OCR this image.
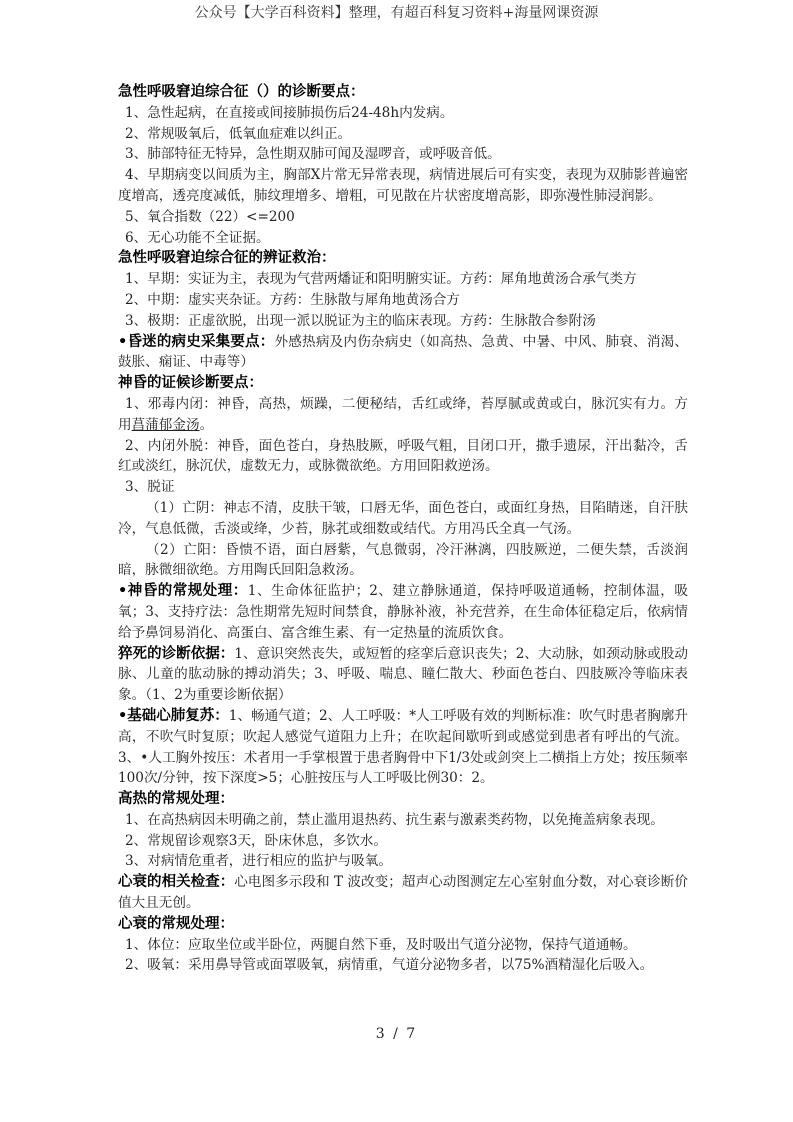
公众号【大学百科资料】整理，有超百科复习资料+海量网课资源

急性呼吸窘迫综合征（）的诊断要点：

1、急性起病，在直接或间接肺损伤后24-48h内发病。

2、常规吸氧后，低氧血症难以纠正。

3、肺部特征无特异，急性期双肺可闻及湿啰音，或呼吸音低。

4、早期病变以间质为主，胸部X片常无异常表现，病情进展后可有实变，表现为双肺影普遍密度增高，透亮度减低，肺纹理增多、增粗，可见散在片状密度增高影，即弥漫性肺浸润影。

5、氧合指数（22）<=200

6、无心功能不全证据。

急性呼吸窘迫综合征的辨证救治：

1、早期：实证为主，表现为气营两燔证和阳明腑实证。方药：犀角地黄汤合承气类方

2、中期：虚实夹杂证。方药：生脉散与犀角地黄汤合方

3、极期：正虚欲脱，出现一派以脱证为主的临床表现。方药：生脉散合参附汤

•昏迷的病史采集要点：外感热病及内伤杂病史（如高热、急黄、中暑、中风、肺衰、消渴、鼓胀、痫证、中毒等）

神昏的证候诊断要点：

1、邪毒内闭：神昏，高热，烦躁，二便秘结，舌红或绛，苔厚腻或黄或白，脉沉实有力。方用菖蒲郁金汤。

2、内闭外脱：神昏，面色苍白，身热肢厥，呼吸气粗，目闭口开，撒手遗尿，汗出黏冷，舌红或淡红，脉沉伏，虚数无力，或脉微欲绝。方用回阳救逆汤。

3、脱证

（1）亡阴：神志不清，皮肤干皱，口唇无华，面色苍白，或面红身热，目陷睛迷，自汗肤冷，气息低微，舌淡或绛，少苔，脉芤或细数或结代。方用冯氏全真一气汤。

（2）亡阳：昏愦不语，面白唇紫，气息微弱，冷汗淋漓，四肢厥逆，二便失禁，舌淡润暗，脉微细欲绝。方用陶氏回阳急救汤。

•神昏的常规处理：1、生命体征监护；2、建立静脉通道，保持呼吸道通畅，控制体温，吸氧；3、支持疗法：急性期常先短时间禁食，静脉补液，补充营养，在生命体征稳定后，依病情给予鼻饲易消化、高蛋白、富含维生素、有一定热量的流质饮食。

猝死的诊断依据：1、意识突然丧失，或短暂的痉挛后意识丧失；2、大动脉，如颈动脉或股动脉、儿童的肱动脉的搏动消失；3、呼吸、喘息、瞳仁散大、秒面色苍白、四肢厥冷等临床表象。（1、2为重要诊断依据）

•基础心肺复苏：1、畅通气道；2、人工呼吸：*人工呼吸有效的判断标准：吹气时患者胸廓升高，不吹气时复原；吹起人感觉气道阻力上升；在吹起间歇听到或感觉到患者有呼出的气流。3、•人工胸外按压：术者用一手掌根置于患者胸骨中下1/3处或剑突上二横指上方处；按压频率100次/分钟，按下深度>5；心脏按压与人工呼吸比例30：2。

高热的常规处理：

1、在高热病因未明确之前，禁止滥用退热药、抗生素与激素类药物，以免掩盖病象表现。

2、常规留诊观察3天，卧床休息，多饮水。

3、对病情危重者，进行相应的监护与吸氧。

心衰的相关检查：心电图多示段和 T 波改变；超声心动图测定左心室射血分数，对心衰诊断价值大且无创。

心衰的常规处理：

1、体位：应取坐位或半卧位，两腿自然下垂，及时吸出气道分泌物，保持气道通畅。

2、吸氧：采用鼻导管或面罩吸氧，病情重，气道分泌物多者，以75%酒精湿化后吸入。

3 / 7
